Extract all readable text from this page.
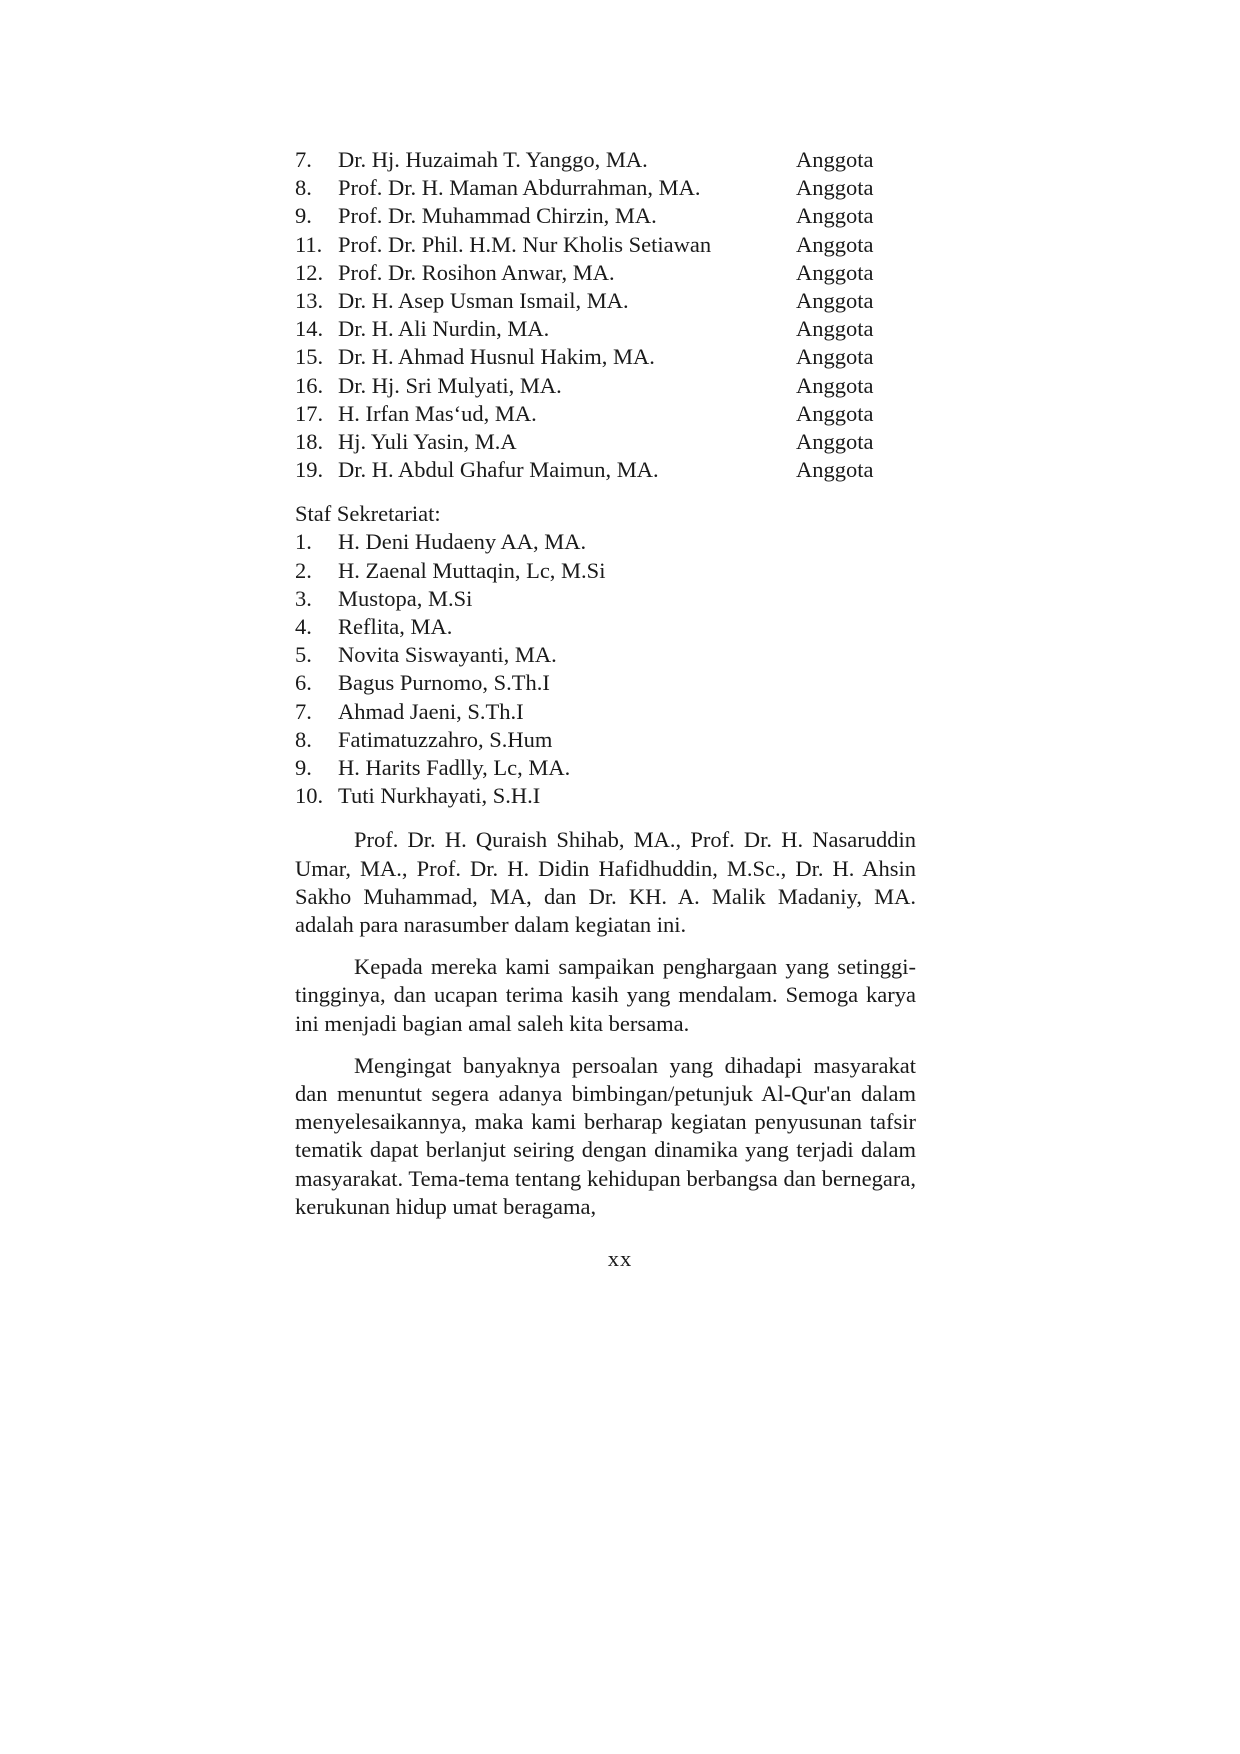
7.	Dr. Hj. Huzaimah T. Yanggo, MA.	Anggota
8.	Prof. Dr. H. Maman Abdurrahman, MA.	Anggota
9.	Prof. Dr. Muhammad Chirzin, MA.	Anggota
11. Prof. Dr. Phil. H.M. Nur Kholis Setiawan	Anggota
12. Prof. Dr. Rosihon Anwar, MA.	Anggota
13. Dr. H. Asep Usman Ismail, MA.	Anggota
14. Dr. H. Ali Nurdin, MA.	Anggota
15. Dr. H. Ahmad Husnul Hakim, MA.	Anggota
16. Dr. Hj. Sri Mulyati, MA.	Anggota
17. H. Irfan Mas‘ud, MA.	Anggota
18. Hj. Yuli Yasin, M.A	Anggota
19. Dr. H. Abdul Ghafur Maimun, MA.	Anggota
Staf Sekretariat:
1.	H. Deni Hudaeny AA, MA.
2.	H. Zaenal Muttaqin, Lc, M.Si
3.	Mustopa, M.Si
4.	Reflita, MA.
5.	Novita Siswayanti, MA.
6.	Bagus Purnomo, S.Th.I
7.	Ahmad Jaeni, S.Th.I
8.	Fatimatuzzahro, S.Hum
9.	H. Harits Fadlly, Lc, MA.
10. Tuti Nurkhayati, S.H.I

Prof. Dr. H. Quraish Shihab, MA., Prof. Dr. H. Nasaruddin Umar, MA., Prof. Dr. H. Didin Hafidhuddin, M.Sc., Dr. H. Ahsin Sakho Muhammad, MA, dan Dr. KH. A. Malik Madaniy, MA. adalah para narasumber dalam kegiatan ini.

Kepada mereka kami sampaikan penghargaan yang setinggi-tingginya, dan ucapan terima kasih yang mendalam. Semoga karya ini menjadi bagian amal saleh kita bersama.

Mengingat banyaknya persoalan yang dihadapi masyarakat dan menuntut segera adanya bimbingan/petunjuk Al-Qur'an dalam menyelesaikannya, maka kami berharap kegiatan penyusunan tafsir tematik dapat berlanjut seiring dengan dinamika yang terjadi dalam masyarakat. Tema-tema tentang kehidupan berbangsa dan bernegara, kerukunan hidup umat beragama,

xx
